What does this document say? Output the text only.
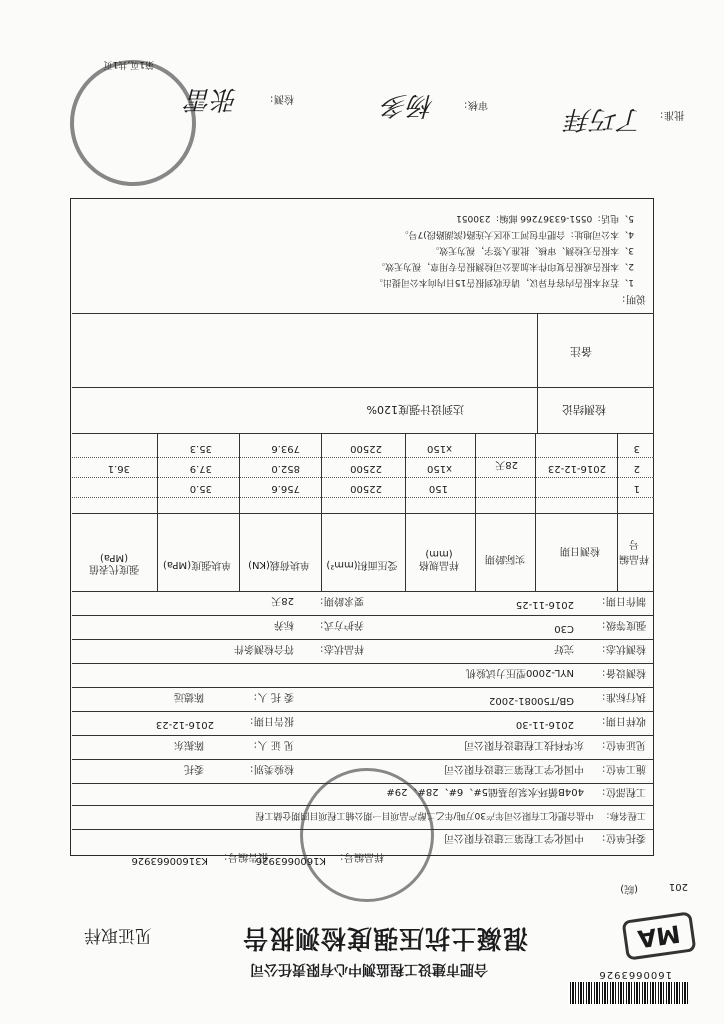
1600663926
合肥市建设工程监测中心有限责任公司
混凝土抗压强度检测报告
见证取样	MA
201
(皖)
样品编号：
K1600663926
报告编号：
K31600663926
委托单位：
中国化学工程第三建设有限公司
工程名称：
中盐合肥化工有限公司年产30万吨/年乙二醇产品项目一期公辅工程项目四期仓储工程
工程部位：
404B循环水泵房基础5#、6#、28#、29#
施工单位：
中国化学工程第三建设有限公司
检验类别：
委托
见证单位：
东华科技工程建设有限公司
见 证 人：
陈振东
收样日期：
2016-11-30
报告日期：
2016-12-23
执行标准：
GB/T50081-2002
委 托 人：
陈德远
检测设备：
NYL-2000型压力试验机
检测状态：
完好
样品状态：
符合检测条件
强度等级：
C30
养护方式：
标养
制作日期：
2016-11-25
要求龄期：
28天
样品编号
检测日期
实际龄期
样品规格(mm)
受压面积(mm²)
单块荷载(KN)
单块强度(MPa)
强度代表值(MPa)
1
2
3
2016-12-23
28天
150
x150
x150
22500
22500
22500
756.6
852.0
793.6
35.0
37.9
35.3
36.1
检测结论
达到设计强度120%
备注
说明：
1、若对本报告内容有异议，请在收到报告15日内向本公司提出。
2、本报告或报告复印件未加盖公司检测报告专用章，视为无效。
3、本报告无检测、审核、批准人签字，视为无效。
4、本公司地址：合肥市包河工业区大连路(滨湖路段)7号。
5、电话：0551-63367266 邮编：230051
批准：
了巧拜
审核：
杨多
检测：
张雷
第1页,共1页
